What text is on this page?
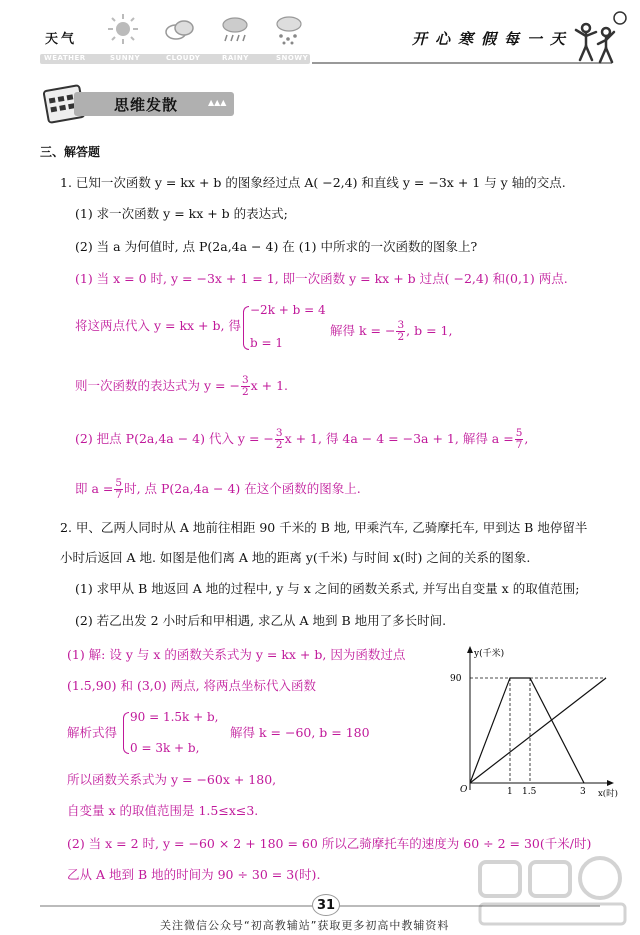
天气
WEATHER	SUNNY	CLOUDY	RAINY	SNOWY
开心寒假每一天
思维发散	▲▲▲
三、解答题
1. 已知一次函数 y = kx + b 的图象经过点 A( −2,4) 和直线 y = −3x + 1 与 y 轴的交点.
(1) 求一次函数 y = kx + b 的表达式;
(2) 当 a 为何值时, 点 P(2a,4a − 4) 在 (1) 中所求的一次函数的图象上?
(1) 当 x = 0 时, y = −3x + 1 = 1, 即一次函数 y = kx + b 过点( −2,4) 和(0,1) 两点.
将这两点代入 y = kx + b, 得
−2k + b = 4
b = 1
解得 k = − $\frac{3}{2}$ , b = 1,
则一次函数的表达式为 y = − $\frac{3}{2}$ x + 1.
(2) 把点 P(2a,4a − 4) 代入 y = − $\frac{3}{2}$ x + 1, 得 4a − 4 = −3a + 1, 解得 $a = \frac{5}{7}$ ,
即 $a = \frac{5}{7}$ 时, 点 P(2a,4a − 4) 在这个函数的图象上.
2. 甲、乙两人同时从 A 地前往相距 90 千米的 B 地, 甲乘汽车, 乙骑摩托车, 甲到达 B 地停留半
小时后返回 A 地. 如图是他们离 A 地的距离 y(千米) 与时间 x(时) 之间的关系的图象.
(1) 求甲从 B 地返回 A 地的过程中, y 与 x 之间的函数关系式, 并写出自变量 x 的取值范围;
(2) 若乙出发 2 小时后和甲相遇, 求乙从 A 地到 B 地用了多长时间.
(1) 解: 设 y 与 x 的函数关系式为 y = kx + b, 因为函数过点
(1.5,90) 和 (3,0) 两点, 将两点坐标代入函数
解析式得
90 = 1.5k + b,
0 = 3k + b,
解得 k = −60, b = 180
所以函数关系式为 y = −60x + 180,
自变量 x 的取值范围是 1.5≤x≤3.
(2) 当 x = 2 时, y = −60 × 2 + 180 = 60 所以乙骑摩托车的速度为 60 ÷ 2 = 30(千米/时)
乙从 A 地到 B 地的时间为 90 ÷ 30 = 3(时).
y(千米)
90
O	1 1.5	3 x(时)
31
关注微信公众号“初高教辅站”获取更多初高中教辅资料
